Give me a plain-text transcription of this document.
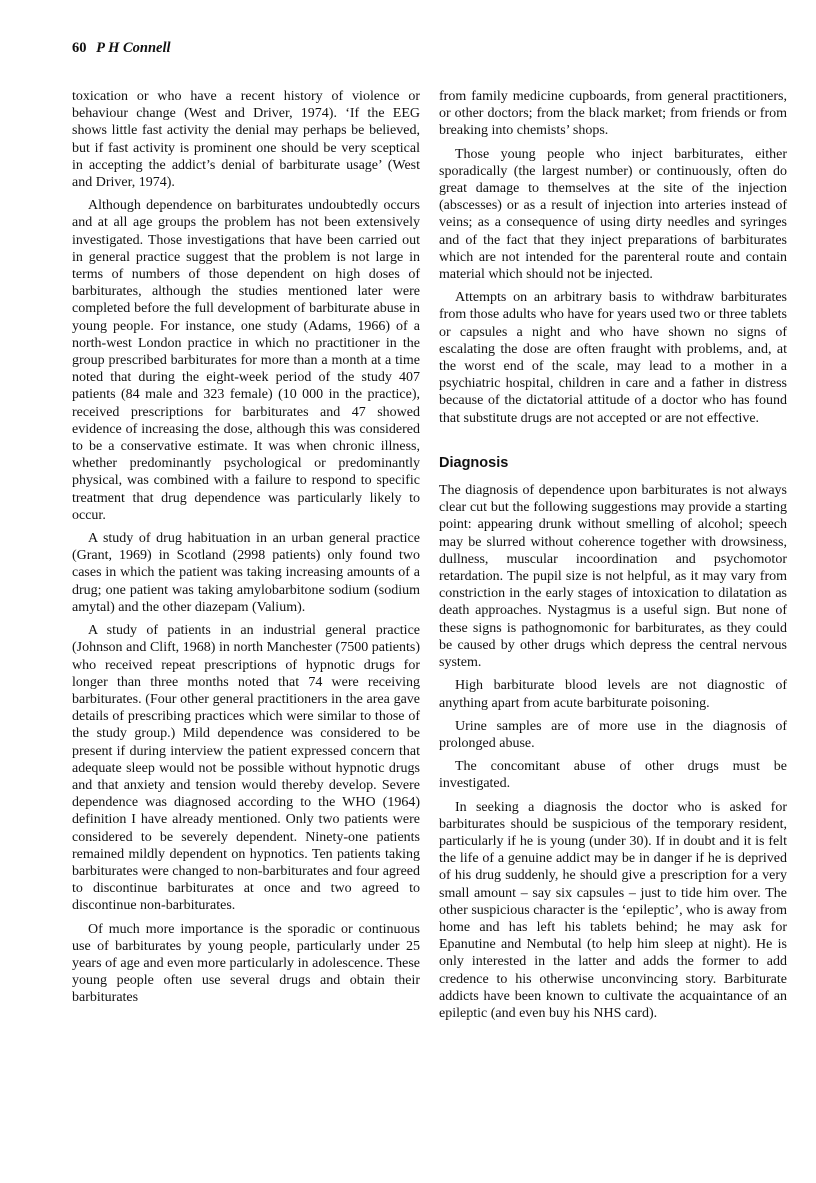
60 P H Connell

toxication or who have a recent history of violence or behaviour change (West and Driver, 1974). ‘If the EEG shows little fast activity the denial may perhaps be believed, but if fast activity is prominent one should be very sceptical in accepting the addict’s denial of barbiturate usage’ (West and Driver, 1974).

Although dependence on barbiturates undoubtedly occurs and at all age groups the problem has not been extensively investigated. Those investigations that have been carried out in general practice suggest that the problem is not large in terms of numbers of those dependent on high doses of barbiturates, although the studies mentioned later were completed before the full development of barbiturate abuse in young people. For instance, one study (Adams, 1966) of a north-west London practice in which no practitioner in the group prescribed barbiturates for more than a month at a time noted that during the eight-week period of the study 407 patients (84 male and 323 female) (10 000 in the practice), received prescriptions for barbiturates and 47 showed evidence of increasing the dose, although this was considered to be a conservative estimate. It was when chronic illness, whether predominantly psychological or predominantly physical, was combined with a failure to respond to specific treatment that drug dependence was particularly likely to occur.

A study of drug habituation in an urban general practice (Grant, 1969) in Scotland (2998 patients) only found two cases in which the patient was taking increasing amounts of a drug; one patient was taking amylobarbitone sodium (sodium amytal) and the other diazepam (Valium).

A study of patients in an industrial general practice (Johnson and Clift, 1968) in north Manchester (7500 patients) who received repeat prescriptions of hypnotic drugs for longer than three months noted that 74 were receiving barbiturates. (Four other general practitioners in the area gave details of prescribing practices which were similar to those of the study group.) Mild dependence was considered to be present if during interview the patient expressed concern that adequate sleep would not be possible without hypnotic drugs and that anxiety and tension would thereby develop. Severe dependence was diagnosed according to the WHO (1964) definition I have already mentioned. Only two patients were considered to be severely dependent. Ninety-one patients remained mildly dependent on hypnotics. Ten patients taking barbiturates were changed to non-barbiturates and four agreed to discontinue barbiturates at once and two agreed to discontinue non-barbiturates.

Of much more importance is the sporadic or continuous use of barbiturates by young people, particularly under 25 years of age and even more particularly in adolescence. These young people often use several drugs and obtain their barbiturates

from family medicine cupboards, from general practitioners, or other doctors; from the black market; from friends or from breaking into chemists’ shops.

Those young people who inject barbiturates, either sporadically (the largest number) or continuously, often do great damage to themselves at the site of the injection (abscesses) or as a result of injection into arteries instead of veins; as a consequence of using dirty needles and syringes and of the fact that they inject preparations of barbiturates which are not intended for the parenteral route and contain material which should not be injected.

Attempts on an arbitrary basis to withdraw barbiturates from those adults who have for years used two or three tablets or capsules a night and who have shown no signs of escalating the dose are often fraught with problems, and, at the worst end of the scale, may lead to a mother in a psychiatric hospital, children in care and a father in distress because of the dictatorial attitude of a doctor who has found that substitute drugs are not accepted or are not effective.

Diagnosis

The diagnosis of dependence upon barbiturates is not always clear cut but the following suggestions may provide a starting point: appearing drunk without smelling of alcohol; speech may be slurred without coherence together with drowsiness, dullness, muscular incoordination and psychomotor retardation. The pupil size is not helpful, as it may vary from constriction in the early stages of intoxication to dilatation as death approaches. Nystagmus is a useful sign. But none of these signs is pathognomonic for barbiturates, as they could be caused by other drugs which depress the central nervous system.

High barbiturate blood levels are not diagnostic of anything apart from acute barbiturate poisoning.

Urine samples are of more use in the diagnosis of prolonged abuse.

The concomitant abuse of other drugs must be investigated.

In seeking a diagnosis the doctor who is asked for barbiturates should be suspicious of the temporary resident, particularly if he is young (under 30). If in doubt and it is felt the life of a genuine addict may be in danger if he is deprived of his drug suddenly, he should give a prescription for a very small amount – say six capsules – just to tide him over. The other suspicious character is the ‘epileptic’, who is away from home and has left his tablets behind; he may ask for Epanutine and Nembutal (to help him sleep at night). He is only interested in the latter and adds the former to add credence to his otherwise unconvincing story. Barbiturate addicts have been known to cultivate the acquaintance of an epileptic (and even buy his NHS card).
